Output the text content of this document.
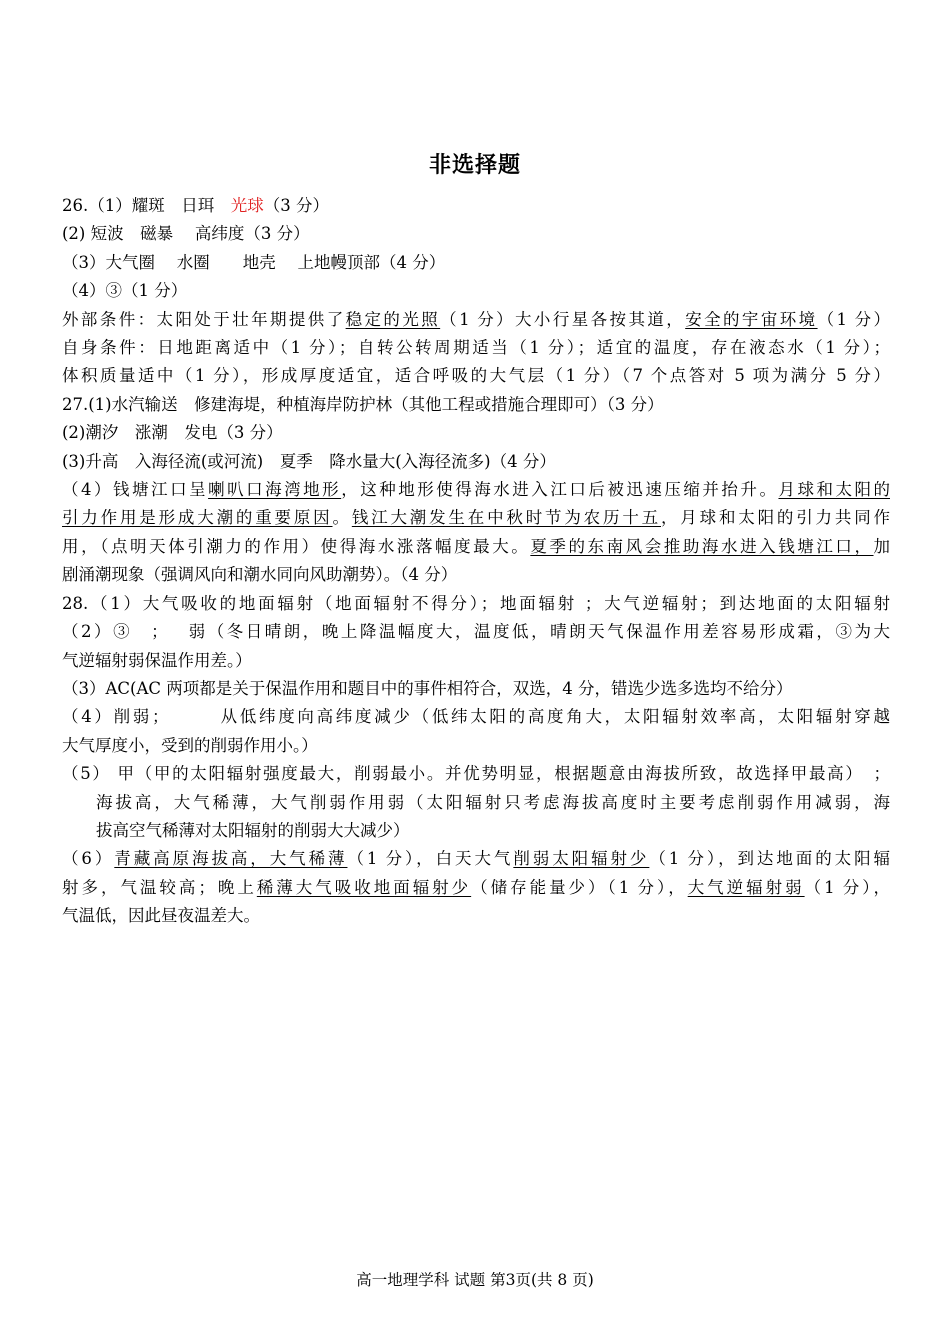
非选择题
26.（1）耀斑　日珥　光球（3 分）
(2) 短波　磁暴　 高纬度（3 分）
（3）大气圈　 水圈　　地壳　 上地幔顶部（4 分）
（4）③（1 分）
外部条件：太阳处于壮年期提供了稳定的光照（1 分）大小行星各按其道，安全的宇宙环境（1 分）
自身条件：日地距离适中（1 分）；自转公转周期适当（1 分）；适宜的温度，存在液态水（1 分）；
体积质量适中（1 分），形成厚度适宜，适合呼吸的大气层（1 分）（7 个点答对 5 项为满分 5 分）
27.(1)水汽输送　修建海堤，种植海岸防护林（其他工程或措施合理即可）（3 分）
(2)潮汐　涨潮　发电（3 分）
(3)升高　入海径流(或河流)　夏季　降水量大(入海径流多)（4 分）
（4）钱塘江口呈喇叭口海湾地形，这种地形使得海水进入江口后被迅速压缩并抬升。月球和太阳的
引力作用是形成大潮的重要原因。钱江大潮发生在中秋时节为农历十五，月球和太阳的引力共同作
用，（点明天体引潮力的作用）使得海水涨落幅度最大。夏季的东南风会推助海水进入钱塘江口，加
剧涌潮现象（强调风向和潮水同向风助潮势）。（4 分）
28.（1）大气吸收的地面辐射（地面辐射不得分）；地面辐射 ；大气逆辐射；到达地面的太阳辐射
（2）③　；　 弱（冬日晴朗，晚上降温幅度大，温度低，晴朗天气保温作用差容易形成霜，③为大
气逆辐射弱保温作用差。）
（3）AC(AC 两项都是关于保温作用和题目中的事件相符合，双选，4 分，错选少选多选均不给分）
（4）削弱；　　　从低纬度向高纬度减少（低纬太阳的高度角大，太阳辐射效率高，太阳辐射穿越
大气厚度小，受到的削弱作用小。）
（5） 甲（甲的太阳辐射强度最大，削弱最小。并优势明显，根据题意由海拔所致，故选择甲最高）　；
海拔高，大气稀薄，大气削弱作用弱（太阳辐射只考虑海拔高度时主要考虑削弱作用减弱，海
拔高空气稀薄对太阳辐射的削弱大大减少）
（6）青藏高原海拔高，大气稀薄（1 分），白天大气削弱太阳辐射少（1 分），到达地面的太阳辐
射多，气温较高；晚上稀薄大气吸收地面辐射少（储存能量少）（1 分），大气逆辐射弱（1 分），
气温低，因此昼夜温差大。
高一地理学科 试题 第3页(共 8 页)
